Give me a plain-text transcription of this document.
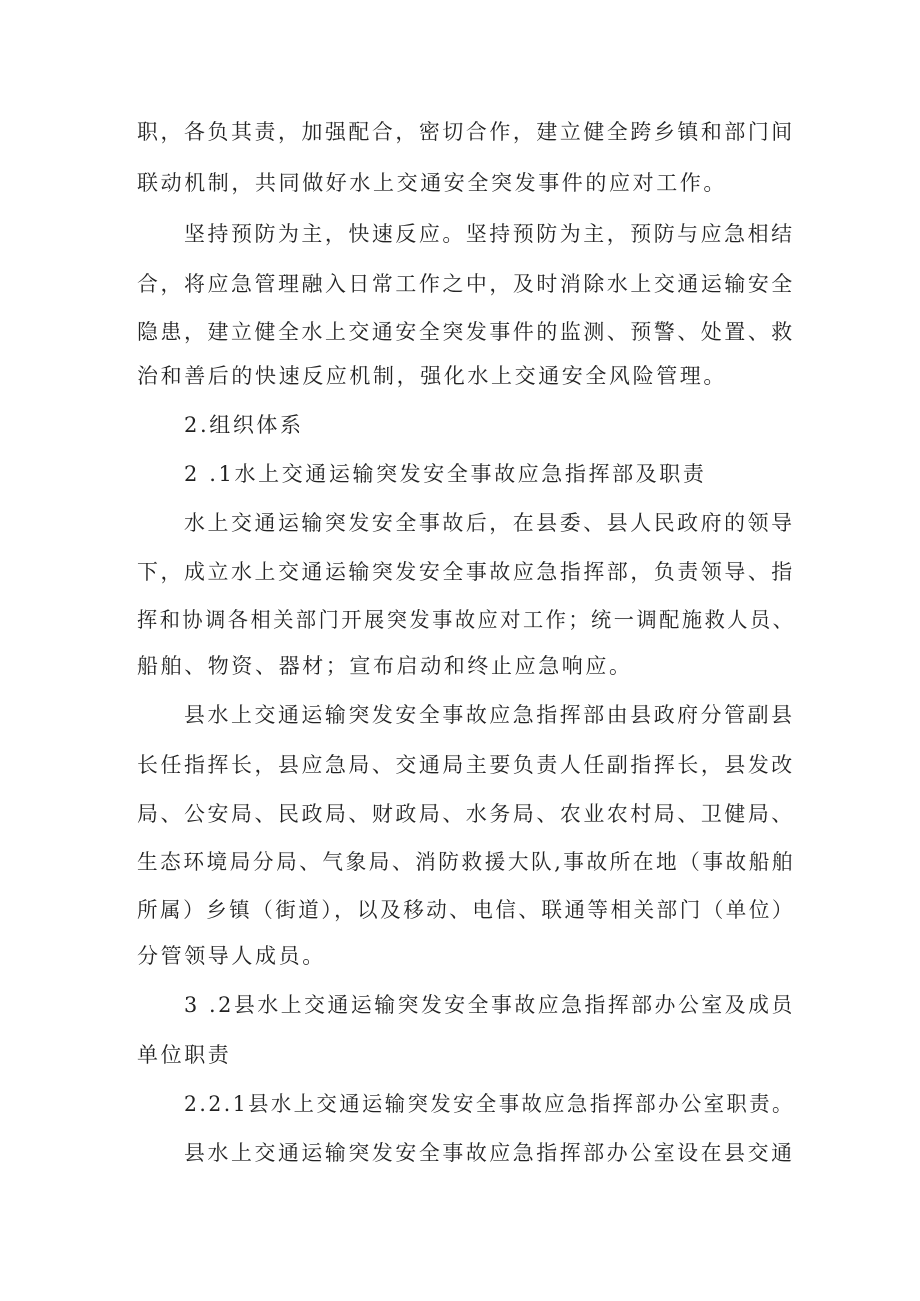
职，各负其责，加强配合，密切合作，建立健全跨乡镇和部门间
联动机制，共同做好水上交通安全突发事件的应对工作。
坚持预防为主，快速反应。坚持预防为主，预防与应急相结
合，将应急管理融入日常工作之中，及时消除水上交通运输安全
隐患，建立健全水上交通安全突发事件的监测、预警、处置、救
治和善后的快速反应机制，强化水上交通安全风险管理。
2.组织体系
2 .1水上交通运输突发安全事故应急指挥部及职责
水上交通运输突发安全事故后，在县委、县人民政府的领导
下，成立水上交通运输突发安全事故应急指挥部，负责领导、指
挥和协调各相关部门开展突发事故应对工作；统一调配施救人员、
船舶、物资、器材；宣布启动和终止应急响应。
县水上交通运输突发安全事故应急指挥部由县政府分管副县
长任指挥长，县应急局、交通局主要负责人任副指挥长，县发改
局、公安局、民政局、财政局、水务局、农业农村局、卫健局、
生态环境局分局、气象局、消防救援大队,事故所在地（事故船舶
所属）乡镇（街道），以及移动、电信、联通等相关部门（单位）
分管领导人成员。
3 .2县水上交通运输突发安全事故应急指挥部办公室及成员
单位职责
2.2.1县水上交通运输突发安全事故应急指挥部办公室职责。
县水上交通运输突发安全事故应急指挥部办公室设在县交通
